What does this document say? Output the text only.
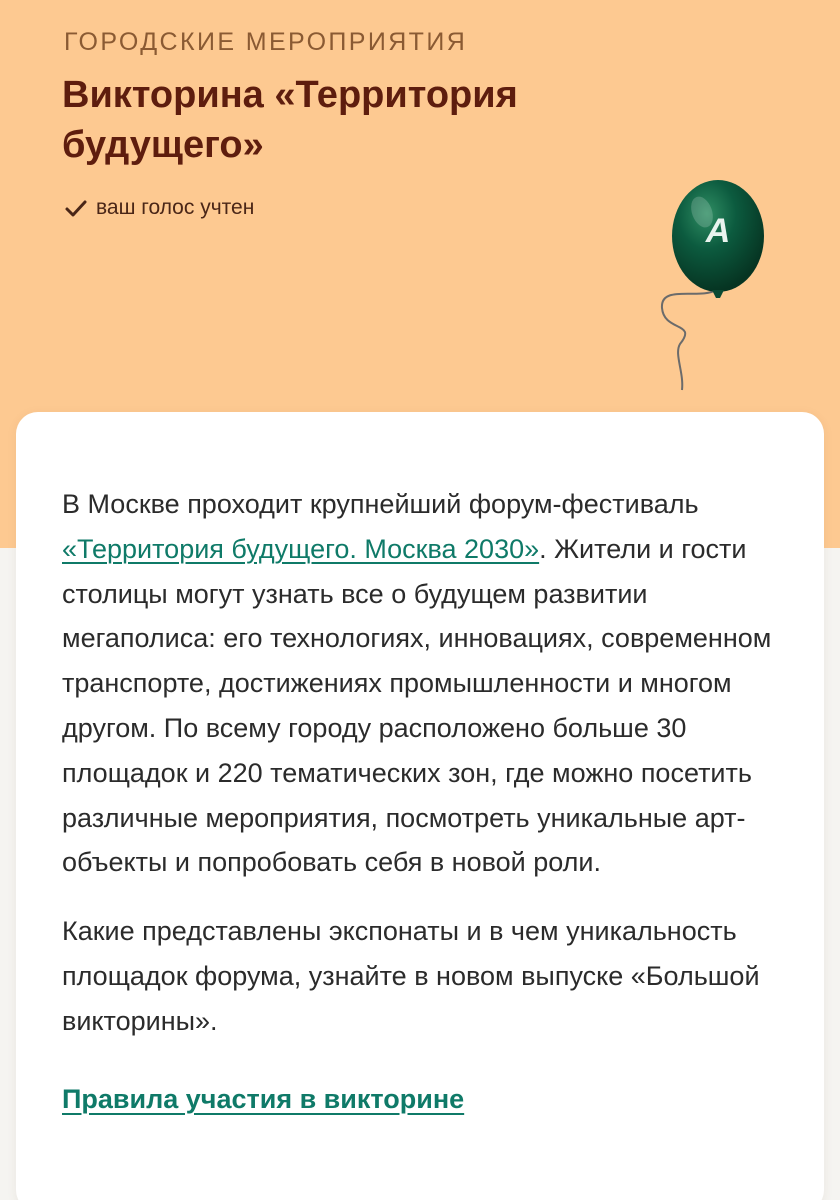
ГОРОДСКИЕ МЕРОПРИЯТИЯ
Викторина «Территория будущего»
ваш голос учтен
А

В Москве проходит крупнейший форум-фестиваль «Территория будущего. Москва 2030». Жители и гости столицы могут узнать все о будущем развитии мегаполиса: его технологиях, инновациях, современном транспорте, достижениях промышленности и многом другом. По всему городу расположено больше 30 площадок и 220 тематических зон, где можно посетить различные мероприятия, посмотреть уникальные арт-объекты и попробовать себя в новой роли.

Какие представлены экспонаты и в чем уникальность площадок форума, узнайте в новом выпуске «Большой викторины».

Правила участия в викторине
